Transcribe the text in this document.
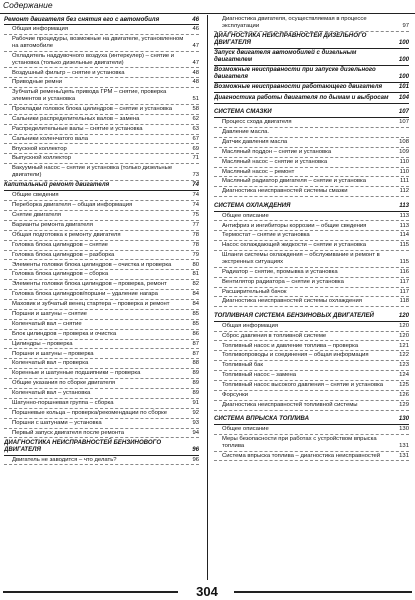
Содержание
Ремонт двигателя без снятия его с автомобиля	46
Общая информация	46
Рабочие процедуры, возможные на двигателе, установленном на автомобиле	47
Охладитель наддувочного воздуха (интеркулер) – снятие и установка (только дизельные двигатели)	47
Воздушный фильтр – снятие и установка	48
Приводные ремни	48
Зубчатый ремень/цепь привода ГРМ – снятие, проверка элементов и установка	51
Прокладки головок блока цилиндров – снятие и установка	58
Сальники распределительных валов – замена	62
Распределительные валы – снятие и установка	63
Сальники коленчатого вала	67
Впускной коллектор	69
Выпускной коллектор	71
Вакуумный насос – снятие и установка (только дизельные двигатели)	73
Капитальный ремонт двигателя	74
Общие сведения	74
Переборка двигателя – общая информация	74
Снятие двигателя	75
Варианты ремонта двигателя	77
Общая подготовка к ремонту двигателя	78
Головка блока цилиндров – снятие	78
Головка блока цилиндров – разборка	79
Элементы головки блока цилиндров – очистка и проверка	80
Головка блока цилиндров – сборка	81
Элементы головки блока цилиндров – проверка, ремонт	82
Головка блока цилиндров/поршни – удаление нагара	84
Маховик и зубчатый венец стартера – проверка и ремонт	84
Поршни и шатуны – снятие	85
Коленчатый вал – снятие	85
Блок цилиндров – проверка и очистка	86
Цилиндры – проверка	87
Поршни и шатуны – проверка	87
Коленчатый вал – проверка	88
Коренные и шатунные подшипники – проверка	89
Общие указания по сборке двигателя	89
Коленчатый вал – установка	89
Шатунно-поршневая группа – сборка	91
Поршневые кольца – проверка/рекомендации по сборке	92
Поршни с шатунами – установка	93
Первый запуск двигателя после ремонта	94
ДИАГНОСТИКА НЕИСПРАВНОСТЕЙ БЕНЗИНОВОГО ДВИГАТЕЛЯ	96
Двигатель не заводится – что делать?	96
Диагностика двигателя, осуществляемая в процессе эксплуатации	97
ДИАГНОСТИКА НЕИСПРАВНОСТЕЙ ДИЗЕЛЬНОГО ДВИГАТЕЛЯ	100
Запуск двигателя автомобилей с дизельным двигателем	100
Возможные неисправности при запуске дизельного двигателя	100
Возможные неисправности работающего двигателя	101
Диагностика работы двигателя по дымам и выбросам 104
СИСТЕМА СМАЗКИ	107
Процесс схода двигателя	107
Давление масла.
Датчик давления масла	108
Масляный поддон – снятие и установка	109
Масляный насос – снятие и установка	110
Масляный насос – ремонт	110
Масляный радиатор двигателя – снятие и установка	111
Диагностика неисправностей системы смазки	112
СИСТЕМА ОХЛАЖДЕНИЯ	113
Общее описание	113
Антифриз и ингибиторы коррозии – общие сведения	113
Термостат – снятие и установка	114
Насос охлаждающей жидкости – снятие и установка	115
Шланги системы охлаждения – обслуживание и ремонт в экстренных ситуациях	115
Радиатор – снятие, промывка и установка	116
Вентилятор радиатора – снятие и установка	117
Расширительный бачок	117
Диагностика неисправностей системы охлаждения	118
ТОПЛИВНАЯ СИСТЕМА БЕНЗИНОВЫХ ДВИГАТЕЛЕЙ	120
Общая информация	120
Сброс давления в топливной системе	120
Топливный насос и давление топлива – проверка	121
Топливопроводы и соединения – общая информация	122
Топливный бак	123
Топливный насос – замена	124
Топливный насос высокого давления – снятие и установка	125
Форсунки	126
Диагностика неисправностей топливной системы	129
СИСТЕМА ВПРЫСКА ТОПЛИВА	130
Общее описание	130
Меры безопасности при работах с устройством впрыска топлива	131
Система впрыска топлива – диагностика неисправностей	131
304
